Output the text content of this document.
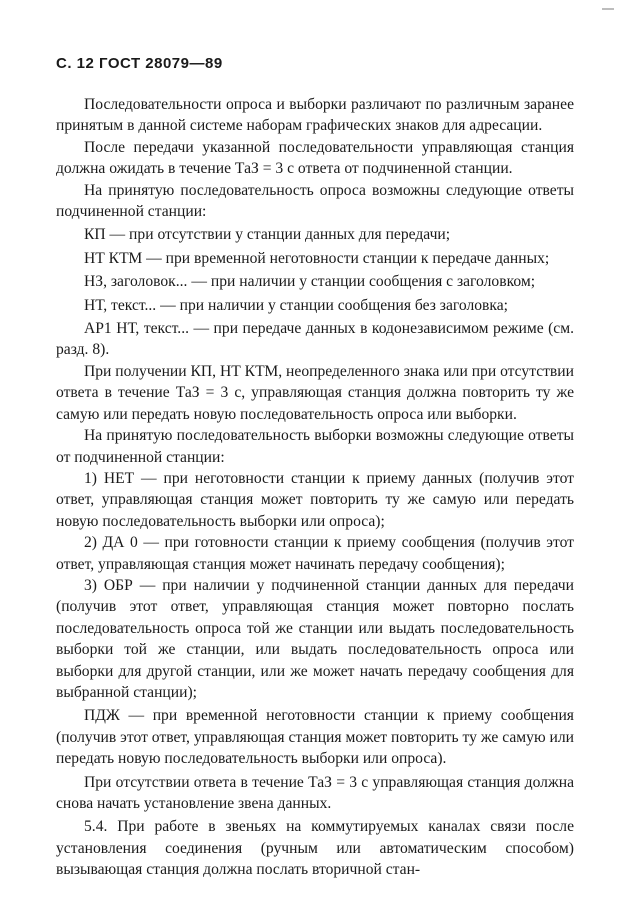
С. 12 ГОСТ 28079—89

Последовательности опроса и выборки различают по различным заранее принятым в данной системе наборам графических знаков для адресации.

После передачи указанной последовательности управляющая станция должна ожидать в течение ТаЗ = 3 с ответа от подчиненной станции.

На принятую последовательность опроса возможны следующие ответы подчиненной станции:

КП — при отсутствии у станции данных для передачи;

НТ КТМ — при временной неготовности станции к передаче данных;

НЗ, заголовок... — при наличии у станции сообщения с заголовком;

НТ, текст... — при наличии у станции сообщения без заголовка;

АР1 НТ, текст... — при передаче данных в кодонезависимом режиме (см. разд. 8).

При получении КП, НТ КТМ, неопределенного знака или при отсутствии ответа в течение ТаЗ = 3 с, управляющая станция должна повторить ту же самую или передать новую последовательность опроса или выборки.

На принятую последовательность выборки возможны следующие ответы от подчиненной станции:

1) НЕТ — при неготовности станции к приему данных (получив этот ответ, управляющая станция может повторить ту же самую или передать новую последовательность выборки или опроса);

2) ДА 0 — при готовности станции к приему сообщения (получив этот ответ, управляющая станция может начинать передачу сообщения);

3) ОБР — при наличии у подчиненной станции данных для передачи (получив этот ответ, управляющая станция может повторно послать последовательность опроса той же станции или выдать последовательность выборки той же станции, или выдать последовательность опроса или выборки для другой станции, или же может начать передачу сообщения для выбранной станции);

ПДЖ — при временной неготовности станции к приему сообщения (получив этот ответ, управляющая станция может повторить ту же самую или передать новую последовательность выборки или опроса).

При отсутствии ответа в течение ТаЗ = 3 с управляющая станция должна снова начать установление звена данных.

5.4. При работе в звеньях на коммутируемых каналах связи после установления соединения (ручным или автоматическим способом) вызывающая станция должна послать вторичной стан-
